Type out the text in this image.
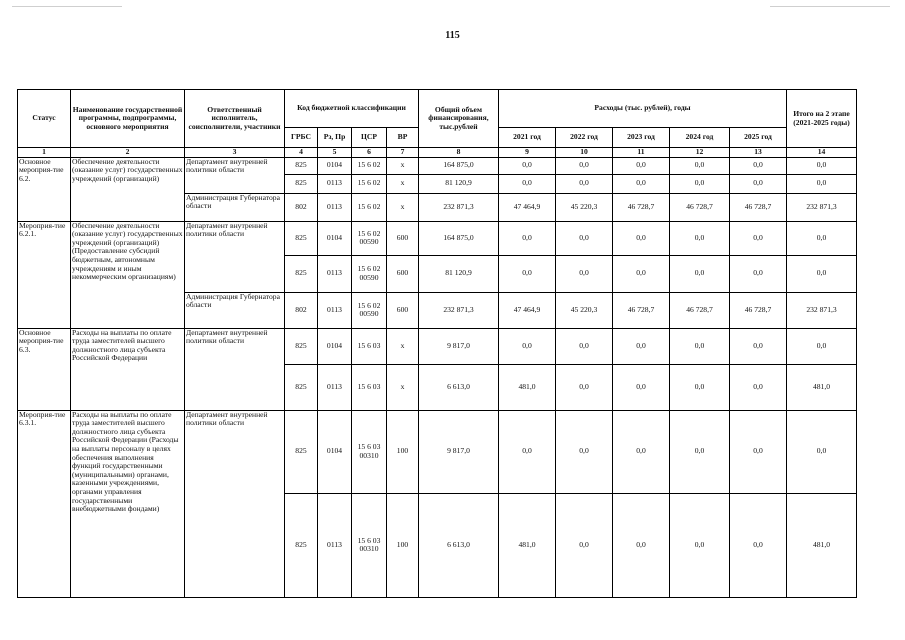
115
Статус	Наименование государственной программы, подпрограммы, основного мероприятия	Ответственный исполнитель, соисполнители, участники	Код бюджетной классификации				Общий объем финансирования, тыс.рублей	Расходы (тыс. рублей), годы					Итого на 2 этапе (2021-2025 годы)
			ГРБС	Рз, Пр	ЦСР	ВР		2021 год	2022 год	2023 год	2024 год	2025 год	
1	2	3	4	5	6	7	8	9	10	11	12	13	14
Основное мероприя-тие 6.2.	Обеспечение деятельности (оказание услуг) государственных учреждений (организаций)	Департамент внутренней политики области	825	0104	15 6 02	х	164 875,0	0,0	0,0	0,0	0,0	0,0	0,0
			825	0113	15 6 02	х	81 120,9	0,0	0,0	0,0	0,0	0,0	0,0
		Администрация Губернатора области	802	0113	15 6 02	х	232 871,3	47 464,9	45 220,3	46 728,7	46 728,7	46 728,7	232 871,3
Мероприя-тие 6.2.1.	Обеспечение деятельности (оказание услуг) государственных учреждений (организаций) (Предоставление субсидий бюджетным, автономным учреждениям и иным некоммерческим организациям)	Департамент внутренней политики области	825	0104	15 6 02 00590	600	164 875,0	0,0	0,0	0,0	0,0	0,0	0,0
			825	0113	15 6 02 00590	600	81 120,9	0,0	0,0	0,0	0,0	0,0	0,0
		Администрация Губернатора области	802	0113	15 6 02 00590	600	232 871,3	47 464,9	45 220,3	46 728,7	46 728,7	46 728,7	232 871,3
Основное мероприя-тие 6.3.	Расходы на выплаты по оплате труда заместителей высшего должностного лица субъекта Российской Федерации	Департамент внутренней политики области	825	0104	15 6 03	х	9 817,0	0,0	0,0	0,0	0,0	0,0	0,0
			825	0113	15 6 03	х	6 613,0	481,0	0,0	0,0	0,0	0,0	481,0
Мероприя-тие 6.3.1.	Расходы на выплаты по оплате труда заместителей высшего должностного лица субъекта Российской Федерации (Расходы на выплаты персоналу в целях обеспечения выполнения функций государственными (муниципальными) органами, казенными учреждениями, органами управления государственными внебюджетными фондами)	Департамент внутренней политики области	825	0104	15 6 03 00310	100	9 817,0	0,0	0,0	0,0	0,0	0,0	0,0
			825	0113	15 6 03 00310	100	6 613,0	481,0	0,0	0,0	0,0	0,0	481,0
